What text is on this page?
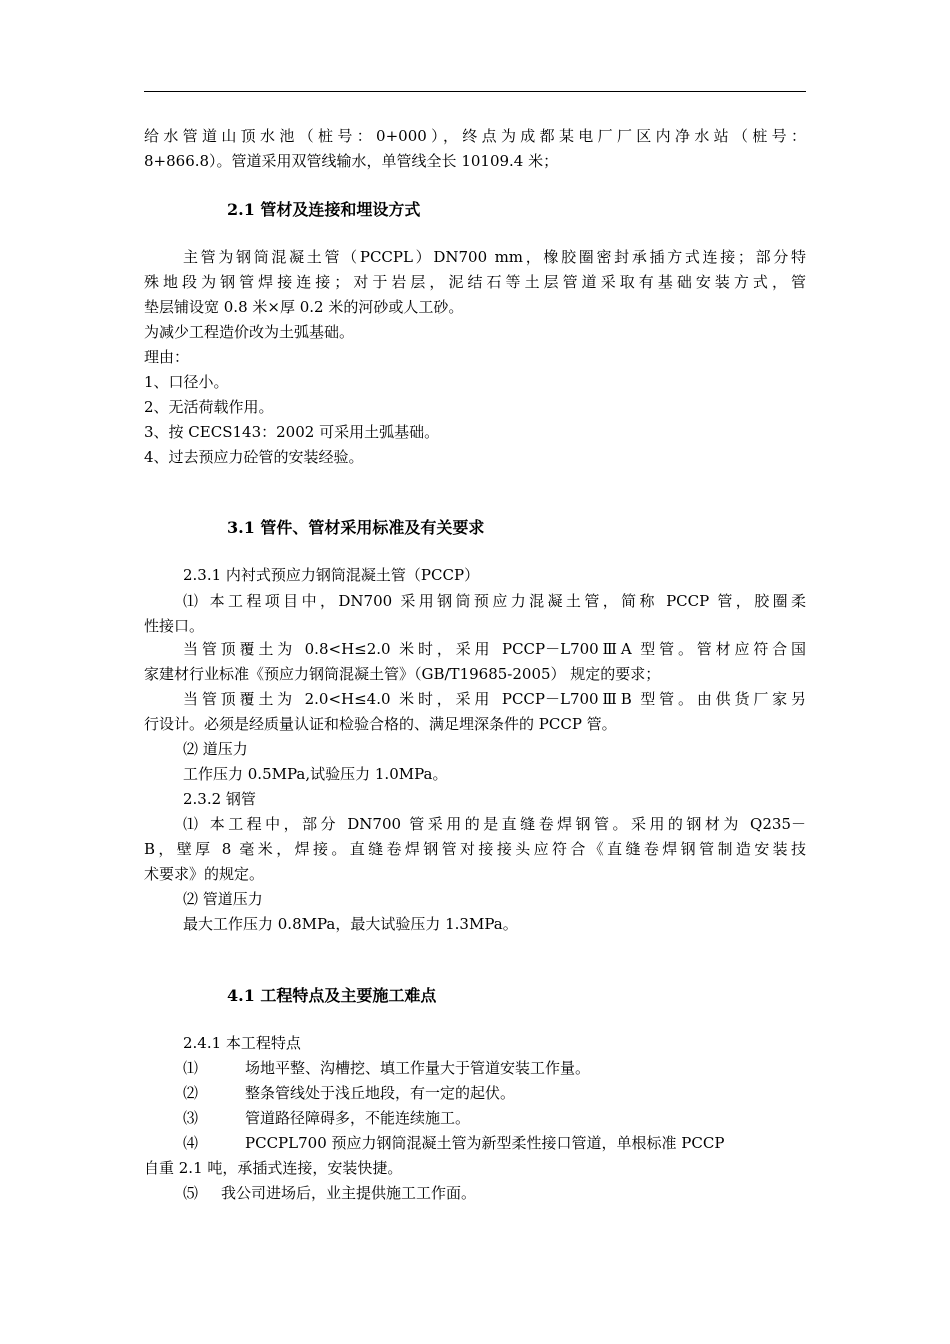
给水管道山顶水池（桩号：0+000），终点为成都某电厂厂区内净水站（桩号：
8+866.8）。管道采用双管线输水，单管线全长 10109.4 米；
2.1 管材及连接和埋设方式
主管为钢筒混凝土管（PCCPL）DN700 mm，橡胶圈密封承插方式连接；部分特
殊地段为钢管焊接连接；对于岩层，泥结石等土层管道采取有基础安装方式，管
垫层铺设宽 0.8 米×厚 0.2 米的河砂或人工砂。
为减少工程造价改为土弧基础。
理由：
1、口径小。
2、无活荷载作用。
3、按 CECS143：2002 可采用土弧基础。
4、过去预应力砼管的安装经验。
3.1 管件、管材采用标准及有关要求
2.3.1 内衬式预应力钢筒混凝土管（PCCP）
⑴ 本工程项目中，DN700 采用钢筒预应力混凝土管，简称 PCCP 管，胶圈柔
性接口。
当管顶覆土为 0.8<H≤2.0 米时，采用 PCCP－L700ⅢA 型管。管材应符合国
家建材行业标准《预应力钢筒混凝土管》（GB/T19685-2005） 规定的要求；
当管顶覆土为 2.0<H≤4.0 米时，采用 PCCP－L700ⅢB 型管。由供货厂家另
行设计。必须是经质量认证和检验合格的、满足埋深条件的 PCCP 管。
⑵ 道压力
工作压力 0.5MPa,试验压力 1.0MPa。
2.3.2 钢管
⑴ 本工程中，部分 DN700 管采用的是直缝卷焊钢管。采用的钢材为 Q235－
B，壁厚 8 毫米，焊接。直缝卷焊钢管对接接头应符合《直缝卷焊钢管制造安装技
术要求》的规定。
⑵ 管道压力
最大工作压力 0.8MPa，最大试验压力 1.3MPa。
4.1 工程特点及主要施工难点
2.4.1 本工程特点
⑴	场地平整、沟槽挖、填工作量大于管道安装工作量。
⑵	整条管线处于浅丘地段，有一定的起伏。
⑶	管道路径障碍多，不能连续施工。
⑷	PCCPL700 预应力钢筒混凝土管为新型柔性接口管道，单根标准 PCCP
自重 2.1 吨，承插式连接，安装快捷。
⑸ 我公司进场后，业主提供施工工作面。
